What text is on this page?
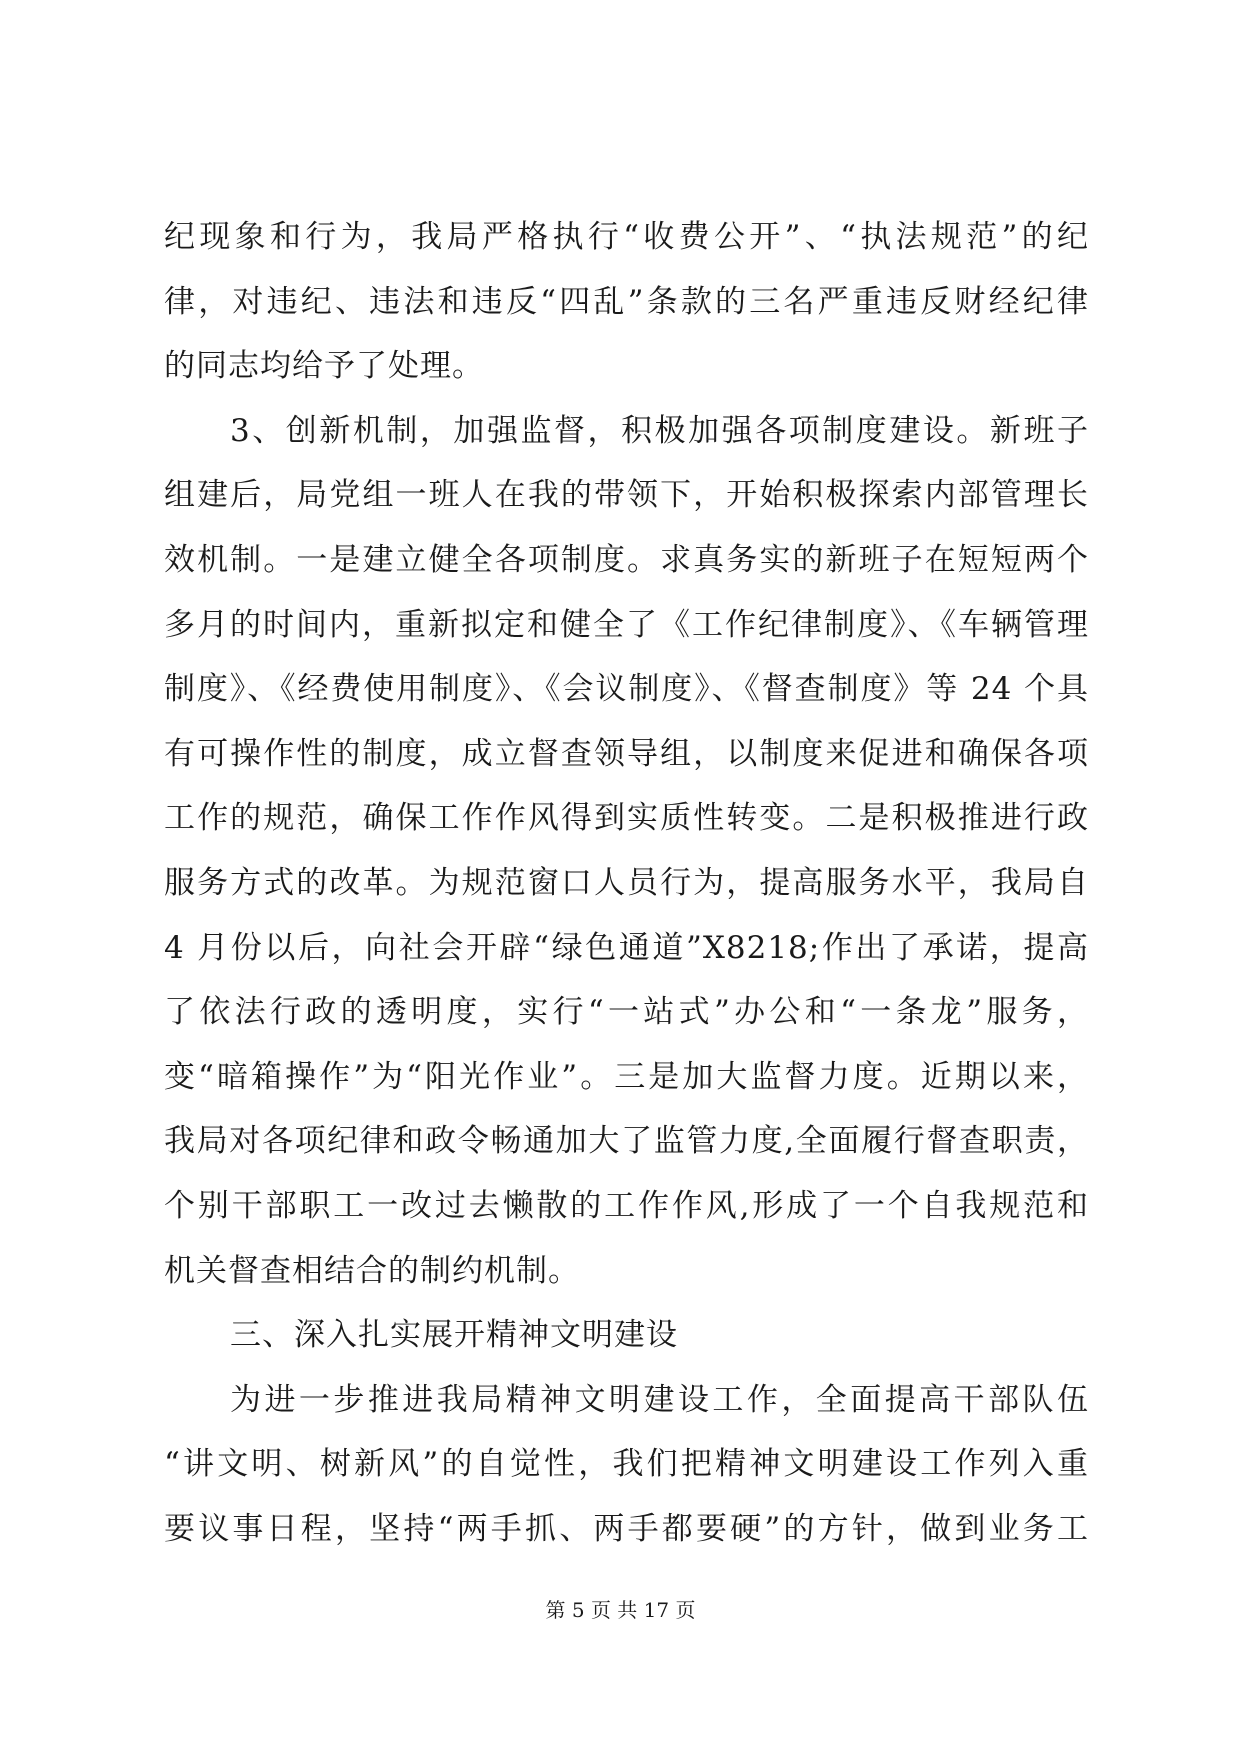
纪现象和行为，我局严格执行“收费公开”、“执法规范”的纪
律，对违纪、违法和违反“四乱”条款的三名严重违反财经纪律
的同志均给予了处理。
3、创新机制，加强监督，积极加强各项制度建设。新班子
组建后，局党组一班人在我的带领下，开始积极探索内部管理长
效机制。一是建立健全各项制度。求真务实的新班子在短短两个
多月的时间内，重新拟定和健全了《工作纪律制度》、《车辆管理
制度》、《经费使用制度》、《会议制度》、《督查制度》等 24 个具
有可操作性的制度，成立督查领导组，以制度来促进和确保各项
工作的规范，确保工作作风得到实质性转变。二是积极推进行政
服务方式的改革。为规范窗口人员行为，提高服务水平，我局自
4 月份以后，向社会开辟“绿色通道”X8218;作出了承诺，提高
了依法行政的透明度，实行“一站式”办公和“一条龙”服务，
变“暗箱操作”为“阳光作业”。三是加大监督力度。近期以来，
我局对各项纪律和政令畅通加大了监管力度,全面履行督查职责，
个别干部职工一改过去懒散的工作作风,形成了一个自我规范和
机关督查相结合的制约机制。
三、深入扎实展开精神文明建设
为进一步推进我局精神文明建设工作，全面提高干部队伍
“讲文明、树新风”的自觉性，我们把精神文明建设工作列入重
要议事日程，坚持“两手抓、两手都要硬”的方针，做到业务工
第 5 页 共 17 页
